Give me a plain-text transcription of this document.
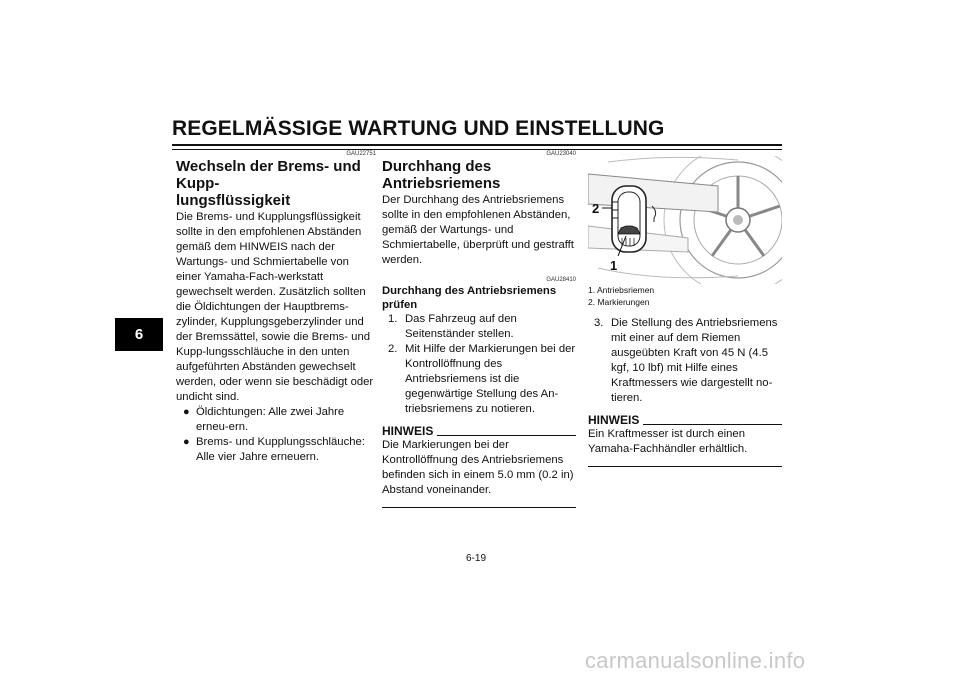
REGELMÄSSIGE WARTUNG UND EINSTELLUNG
6
GAU22751
Wechseln der Brems- und Kupp-
lungsflüssigkeit

Die Brems- und Kupplungsflüssigkeit sollte in den empfohlenen Abständen gemäß dem HINWEIS nach der Wartungs- und Schmiertabelle von einer Yamaha-Fach-werkstatt gewechselt werden. Zusätzlich sollten die Öldichtungen der Hauptbrems-zylinder, Kupplungsgeberzylinder und der Bremssättel, sowie die Brems- und Kupp-lungsschläuche in den unten aufgeführten Abständen gewechselt werden, oder wenn sie beschädigt oder undicht sind.

● Öldichtungen: Alle zwei Jahre erneu-ern.
● Brems- und Kupplungsschläuche: Alle vier Jahre erneuern.
GAU23040
Durchhang des Antriebsriemens

Der Durchhang des Antriebsriemens sollte in den empfohlenen Abständen, gemäß der Wartungs- und Schmiertabelle, überprüft und gestrafft werden.

GAU28410
Durchhang des Antriebsriemens prüfen
1. Das Fahrzeug auf den Seitenständer stellen.
2. Mit Hilfe der Markierungen bei der Kontrollöffnung des Antriebsriemens ist die gegenwärtige Stellung des An-triebsriemens zu notieren.
HINWEIS

Die Markierungen bei der Kontrollöffnung des Antriebsriemens befinden sich in einem 5.0 mm (0.2 in) Abstand voneinander.

2
1
1. Antriebsriemen
2. Markierungen
3. Die Stellung des Antriebsriemens mit einer auf dem Riemen ausgeübten Kraft von 45 N (4.5 kgf, 10 lbf) mit Hilfe eines Kraftmessers wie dargestellt no-tieren.
HINWEIS

Ein Kraftmesser ist durch einen Yamaha-Fachhändler erhältlich.

6-19
carmanualsonline.info
